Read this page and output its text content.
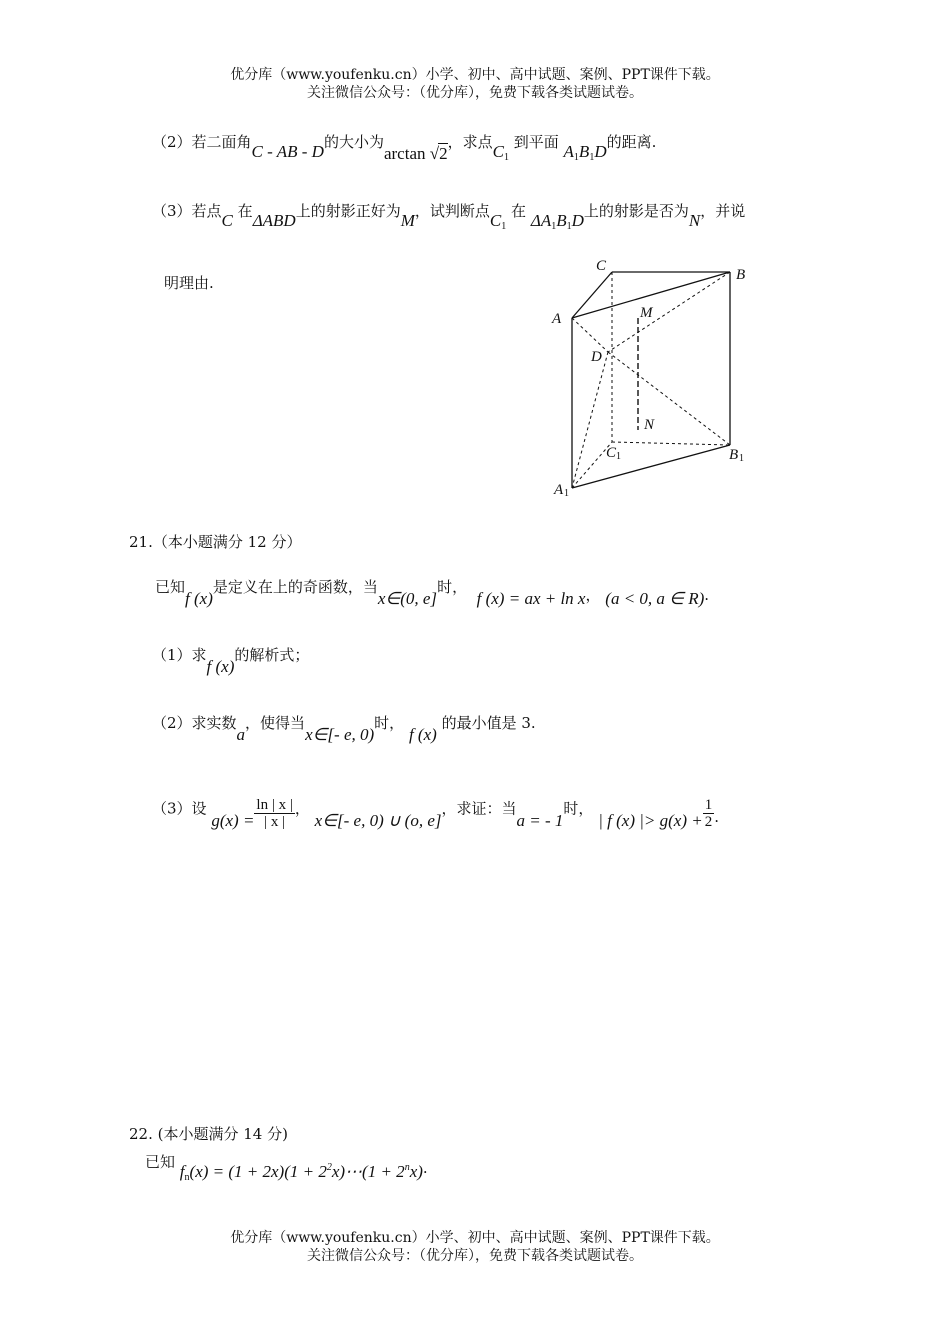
优分库（www.youfenku.cn）小学、初中、高中试题、案例、PPT课件下载。
关注微信公众号：（优分库），免费下载各类试题试卷。
（2）若二面角C - AB - D的大小为arctan √2，求点$C_1$ 到平面 $A_1B_1D$的距离.
（3）若点C 在ΔABD上的射影正好为M，试判断点$C_1$ 在 $\Delta A_1B_1D$上的射影是否为N，并说
明理由.
C
B
A	M
D
N
C 1	B 1
A 1
21.（本小题满分 12 分）
已知f (x)是定义在上的奇函数，当x∈(0, e]时，  f (x) = ax + ln x， (a < 0, a ∈ R).
（1）求f (x)的解析式；
（2）求实数a，使得当x∈[- e, 0)时， f (x) 的最小值是 3.
（3）设 $g(x) = \frac{\ln | x |}{| x |}$ ， x∈[- e, 0) ∪ (o, e]，求证：当a = - 1时， | f (x) |> $g(x) + \frac{1}{2}$ .
22. (本小题满分 14 分)
已知 $f_n(x) = (1 + 2x)(1$ + $2^2x)\cdots(1 + 2^nx)$.
优分库（www.youfenku.cn）小学、初中、高中试题、案例、PPT课件下载。
关注微信公众号：（优分库），免费下载各类试题试卷。
